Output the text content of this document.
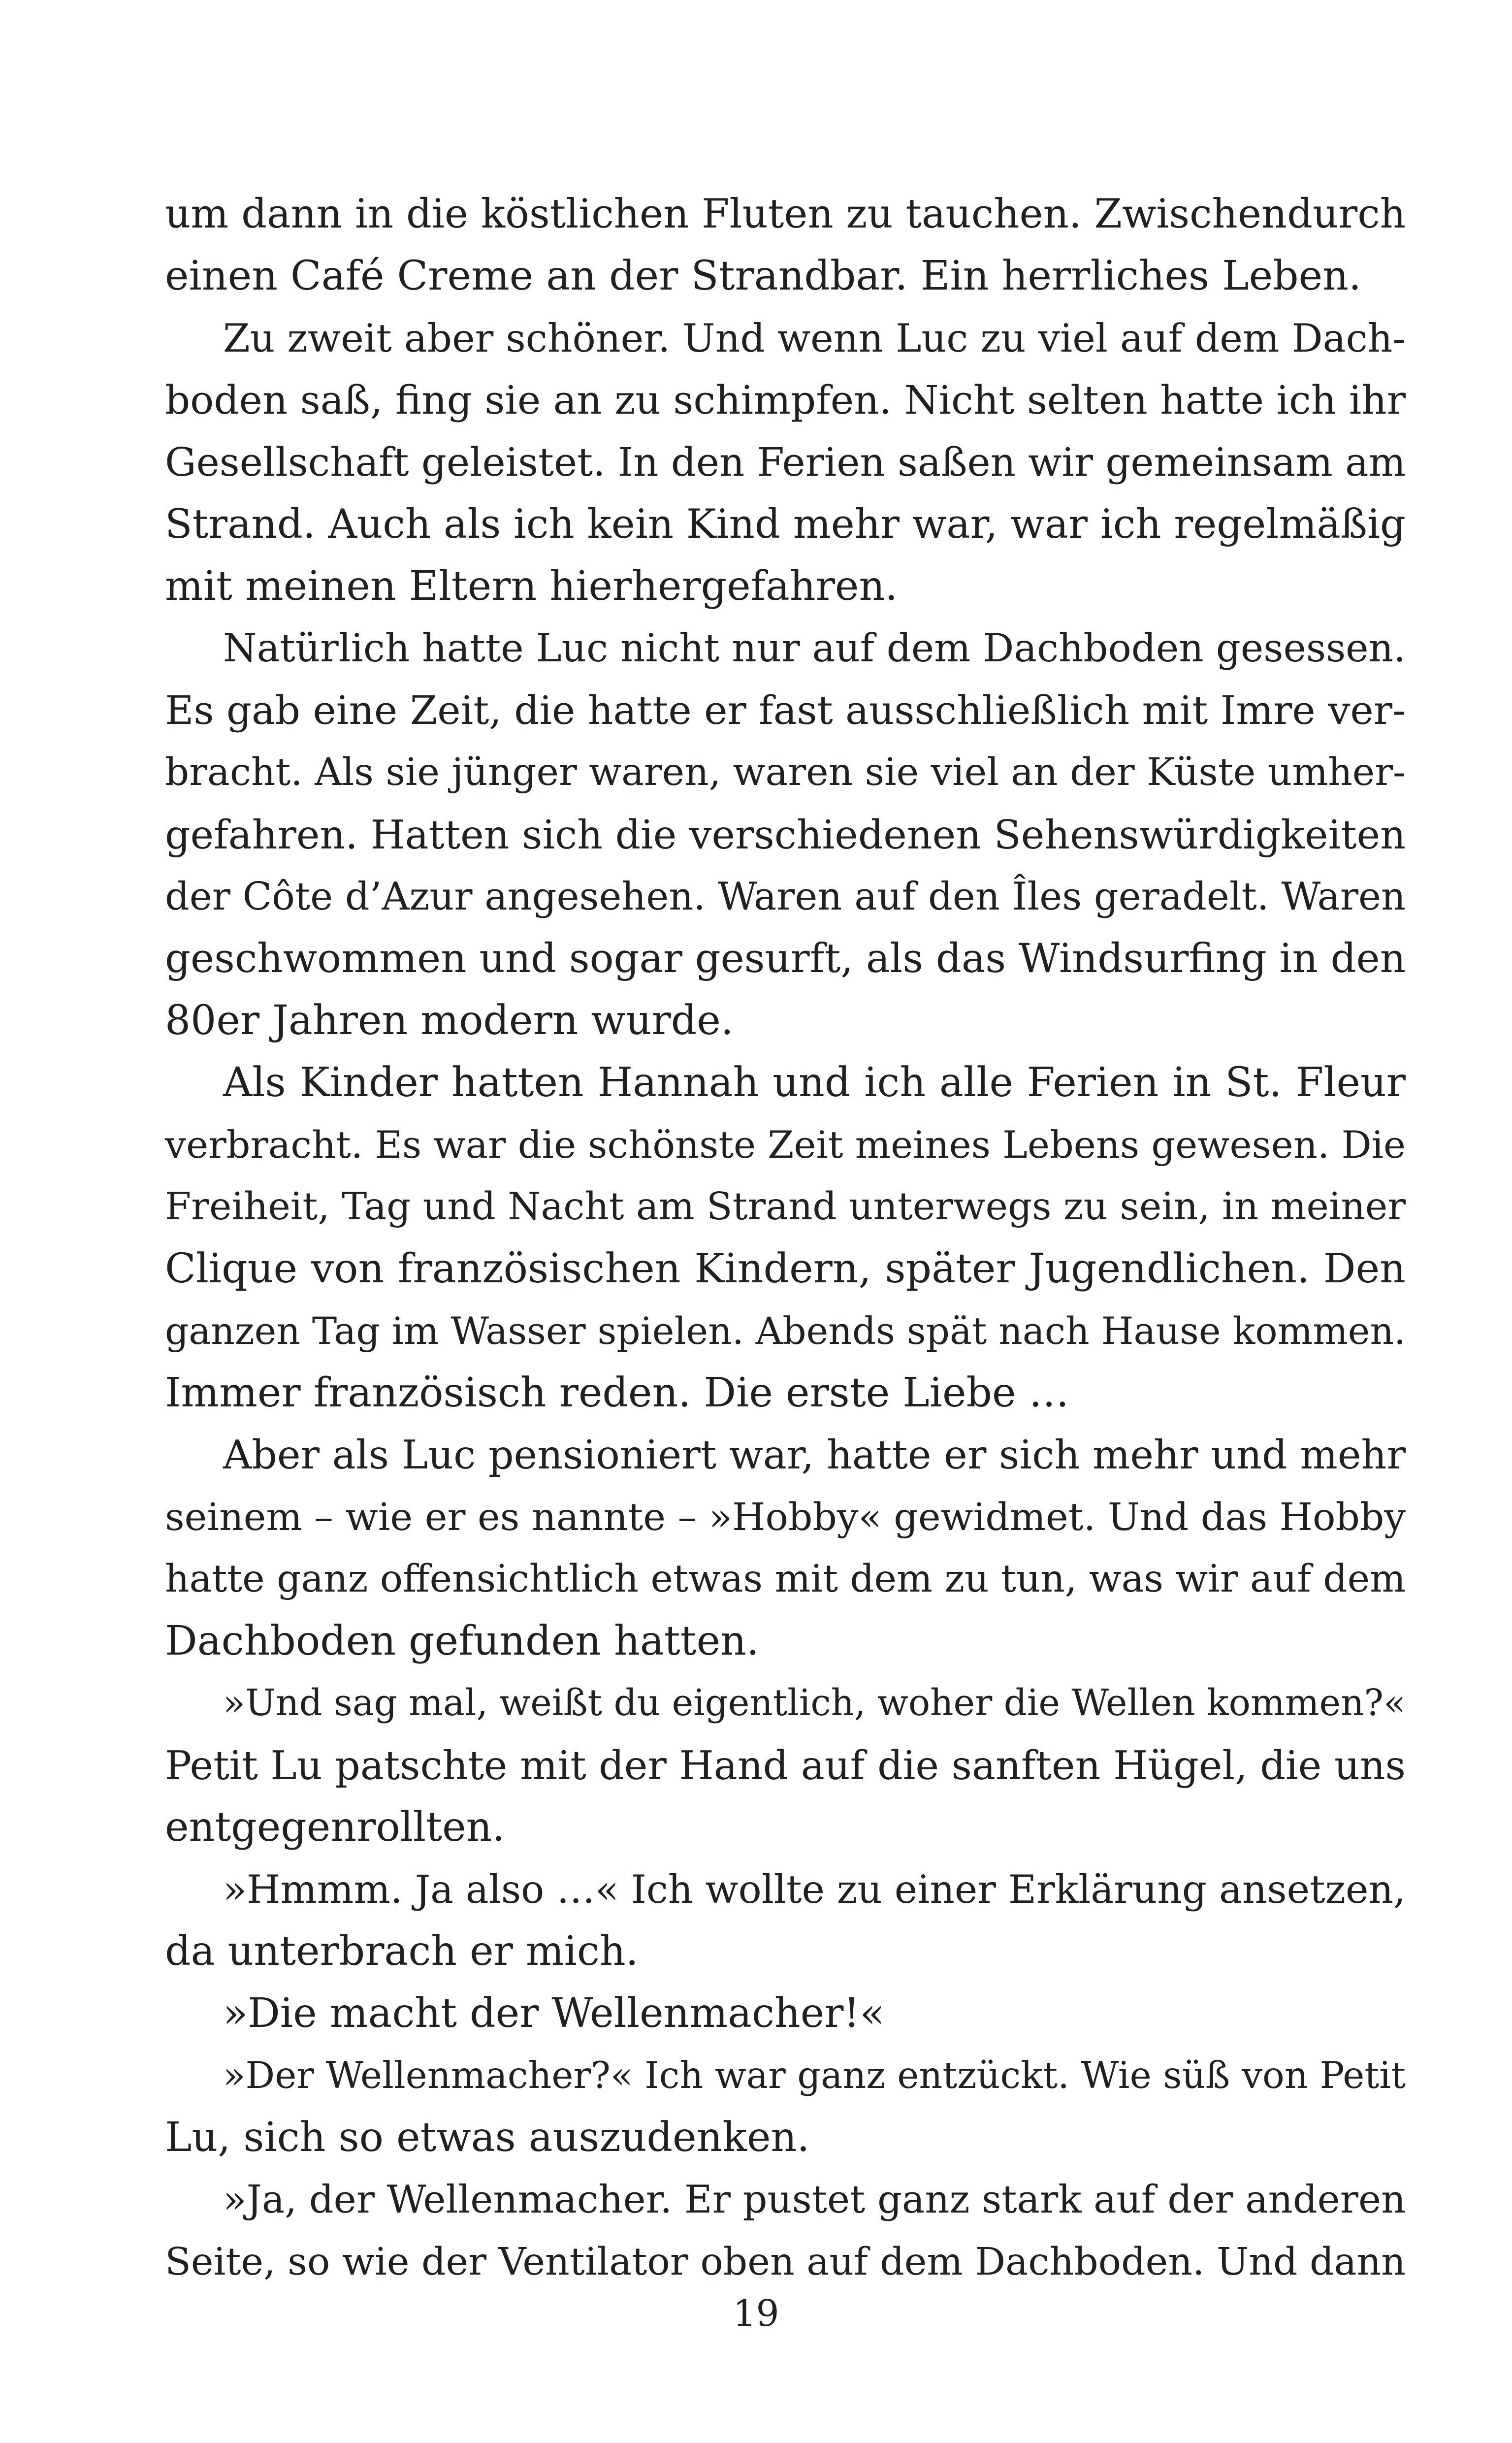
um dann in die köstlichen Fluten zu tauchen. Zwischendurch
einen Café Creme an der Strandbar. Ein herrliches Leben.
Zu zweit aber schöner. Und wenn Luc zu viel auf dem Dach-
boden saß, fing sie an zu schimpfen. Nicht selten hatte ich ihr
Gesellschaft geleistet. In den Ferien saßen wir gemeinsam am
Strand. Auch als ich kein Kind mehr war, war ich regelmäßig
mit meinen Eltern hierhergefahren.
Natürlich hatte Luc nicht nur auf dem Dachboden gesessen.
Es gab eine Zeit, die hatte er fast ausschließlich mit Imre ver-
bracht. Als sie jünger waren, waren sie viel an der Küste umher-
gefahren. Hatten sich die verschiedenen Sehenswürdigkeiten
der Côte d’Azur angesehen. Waren auf den Îles geradelt. Waren
geschwommen und sogar gesurft, als das Windsurfing in den
80er Jahren modern wurde.
Als Kinder hatten Hannah und ich alle Ferien in St. Fleur
verbracht. Es war die schönste Zeit meines Lebens gewesen. Die
Freiheit, Tag und Nacht am Strand unterwegs zu sein, in meiner
Clique von französischen Kindern, später Jugendlichen. Den
ganzen Tag im Wasser spielen. Abends spät nach Hause kommen.
Immer französisch reden. Die erste Liebe …
Aber als Luc pensioniert war, hatte er sich mehr und mehr
seinem – wie er es nannte – »Hobby« gewidmet. Und das Hobby
hatte ganz offensichtlich etwas mit dem zu tun, was wir auf dem
Dachboden gefunden hatten.
»Und sag mal, weißt du eigentlich, woher die Wellen kommen?«
Petit Lu patschte mit der Hand auf die sanften Hügel, die uns
entgegenrollten.
»Hmmm. Ja also …« Ich wollte zu einer Erklärung ansetzen,
da unterbrach er mich.
»Die macht der Wellenmacher!«
»Der Wellenmacher?« Ich war ganz entzückt. Wie süß von Petit
Lu, sich so etwas auszudenken.
»Ja, der Wellenmacher. Er pustet ganz stark auf der anderen
Seite, so wie der Ventilator oben auf dem Dachboden. Und dann
19
